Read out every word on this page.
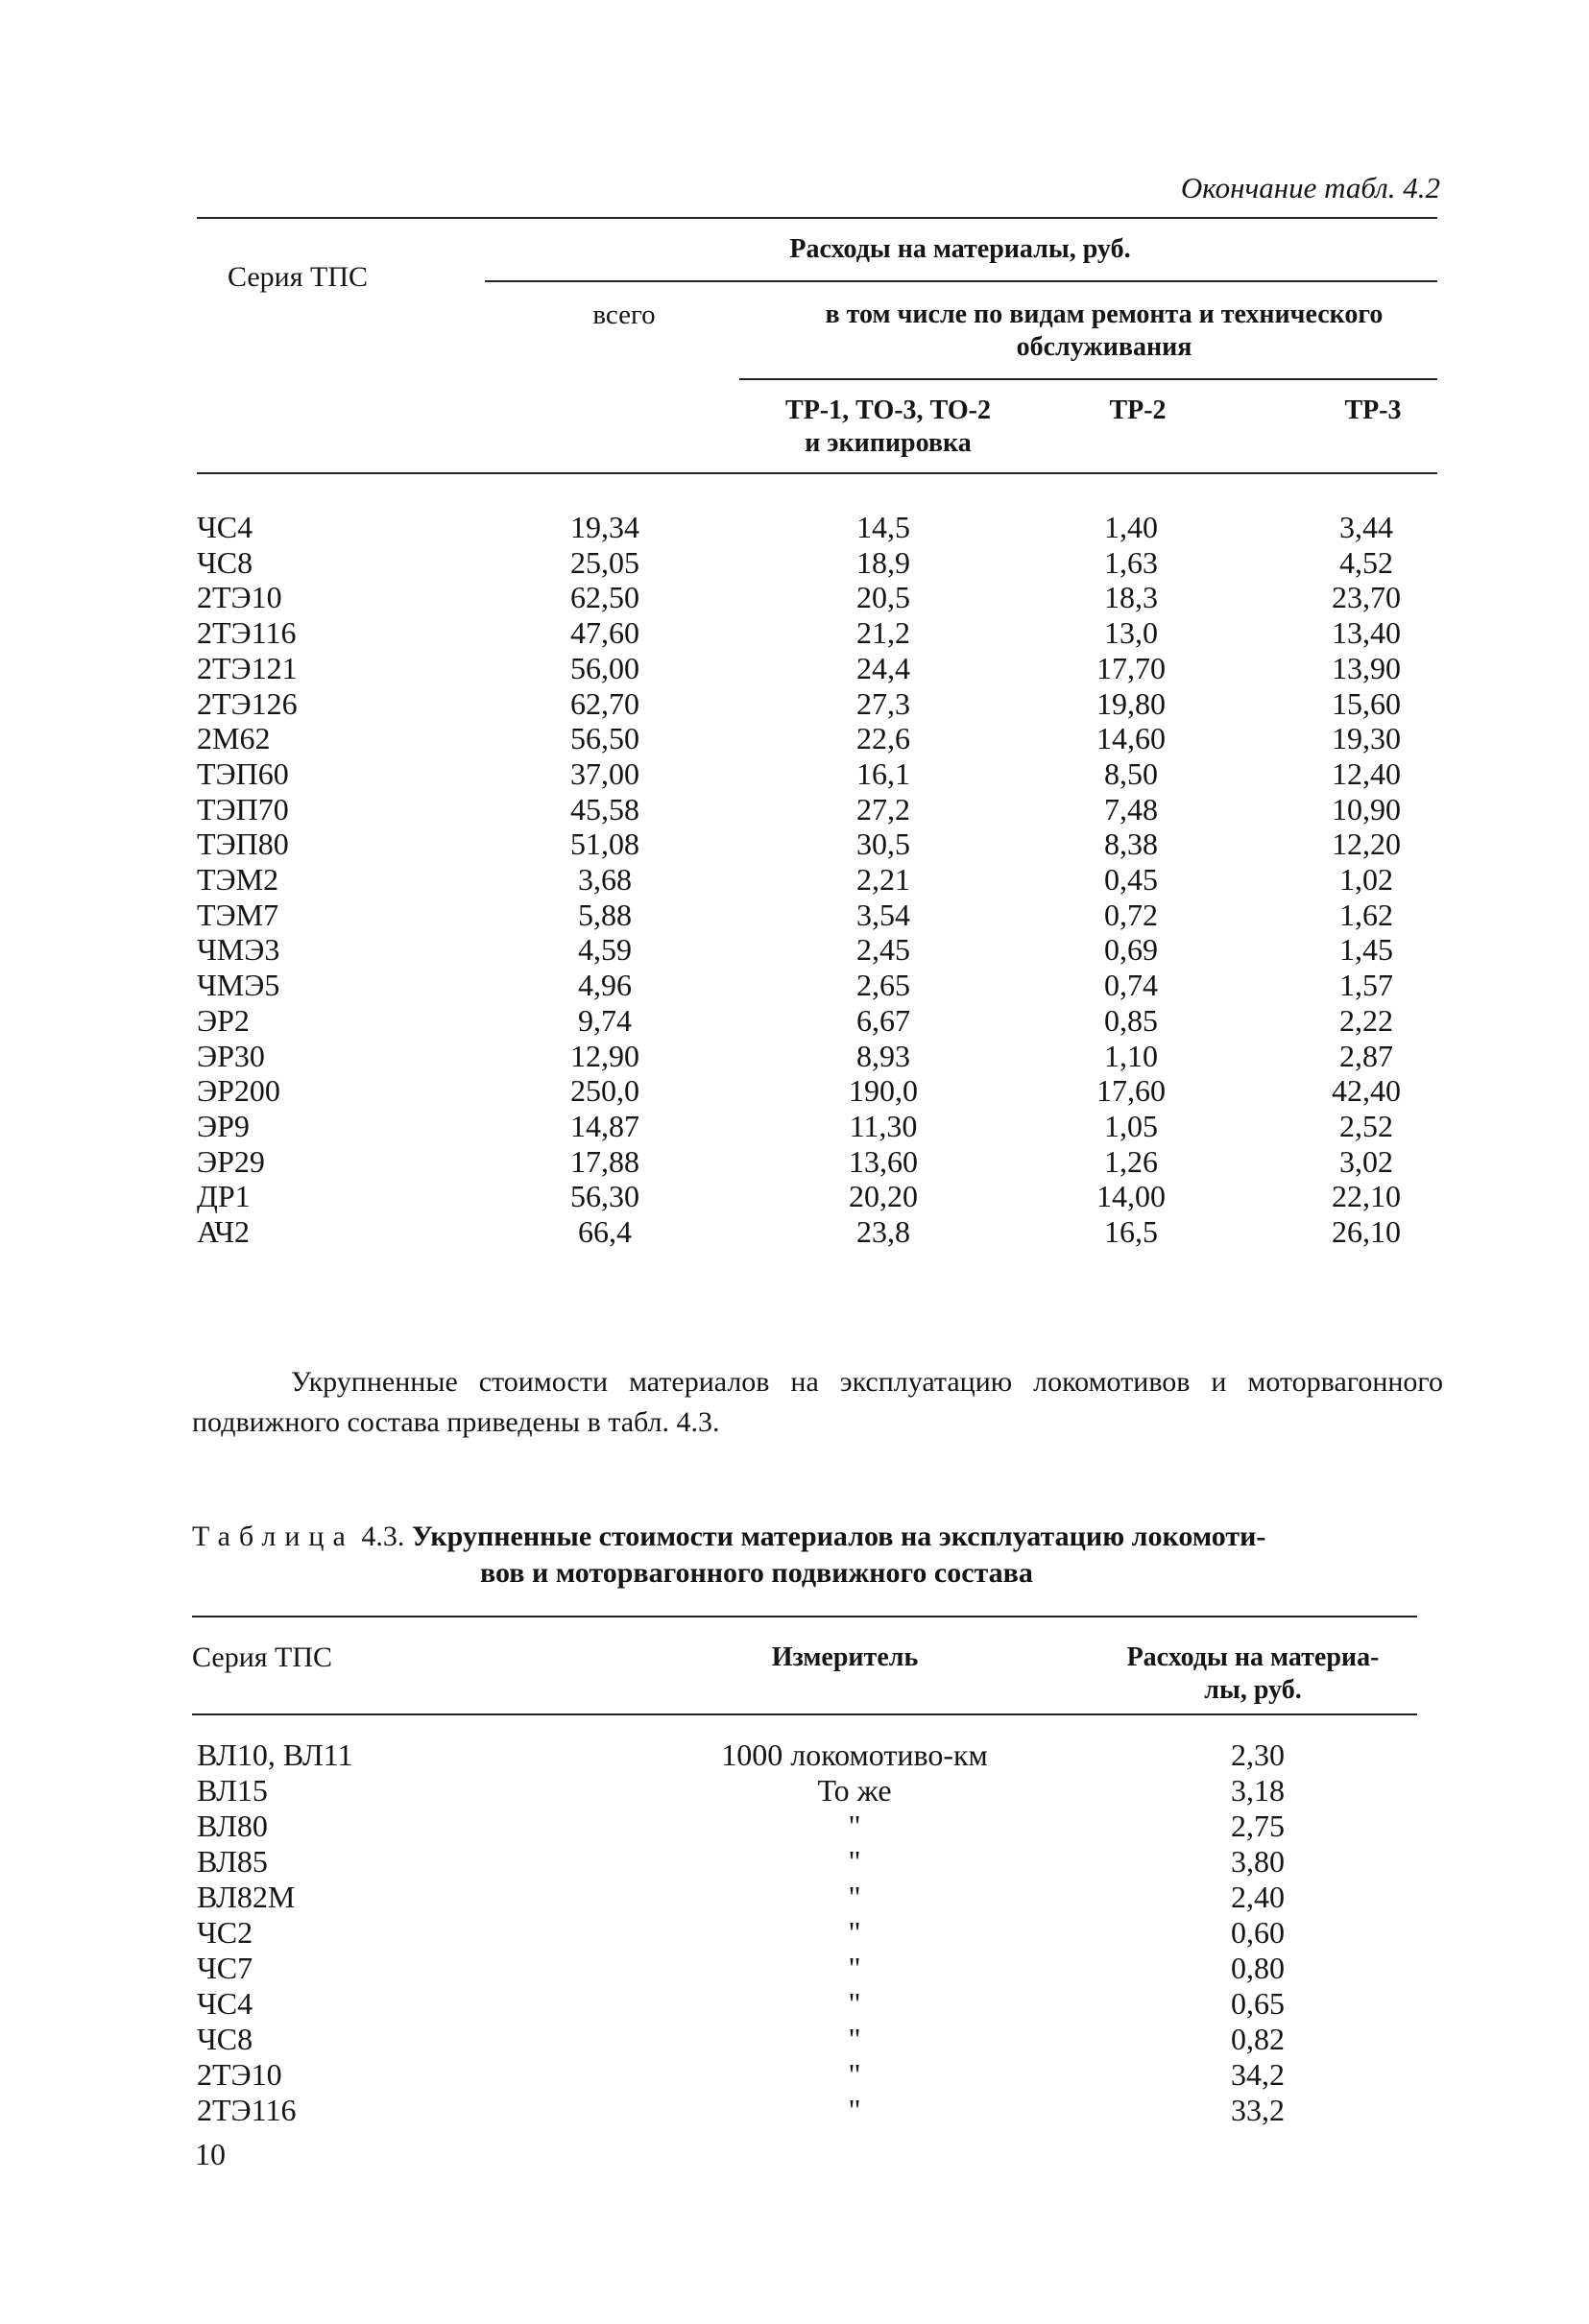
Окончание табл. 4.2
Серия ТПС
Расходы на материалы, руб.
всего	в том числе по видам ремонта и технического
обслуживания
ТР-1, ТО-3, ТО-2
и экипировка
ТР-2	ТР-3
ЧС4	19,34	14,5	1,40	3,44
ЧС8	25,05	18,9	1,63	4,52
2ТЭ10	62,50	20,5	18,3	23,70
2ТЭ116	47,60	21,2	13,0	13,40
2ТЭ121	56,00	24,4	17,70	13,90
2ТЭ126	62,70	27,3	19,80	15,60
2М62	56,50	22,6	14,60	19,30
ТЭП60	37,00	16,1	8,50	12,40
ТЭП70	45,58	27,2	7,48	10,90
ТЭП80	51,08	30,5	8,38	12,20
ТЭМ2	3,68	2,21	0,45	1,02
ТЭМ7	5,88	3,54	0,72	1,62
ЧМЭ3	4,59	2,45	0,69	1,45
ЧМЭ5	4,96	2,65	0,74	1,57
ЭР2	9,74	6,67	0,85	2,22
ЭР30	12,90	8,93	1,10	2,87
ЭР200	250,0	190,0	17,60	42,40
ЭР9	14,87	11,30	1,05	2,52
ЭР29	17,88	13,60	1,26	3,02
ДР1	56,30	20,20	14,00	22,10
АЧ2	66,4	23,8	16,5	26,10
Укрупненные стоимости материалов на эксплуатацию локомотивов и моторвагонного подвижного состава приведены в табл. 4.3.
Таблица 4.3. Укрупненные стоимости материалов на эксплуатацию локомоти-
вов и моторвагонного подвижного состава
Серия ТПС	Измеритель	Расходы на материа-
лы, руб.
ВЛ10, ВЛ11	1000 локомотиво-км	2,30
ВЛ15	То же	3,18
ВЛ80	"	2,75
ВЛ85	"	3,80
ВЛ82М	"	2,40
ЧС2	"	0,60
ЧС7	"	0,80
ЧС4	"	0,65
ЧС8	"	0,82
2ТЭ10	"	34,2
2ТЭ116	"	33,2
10
